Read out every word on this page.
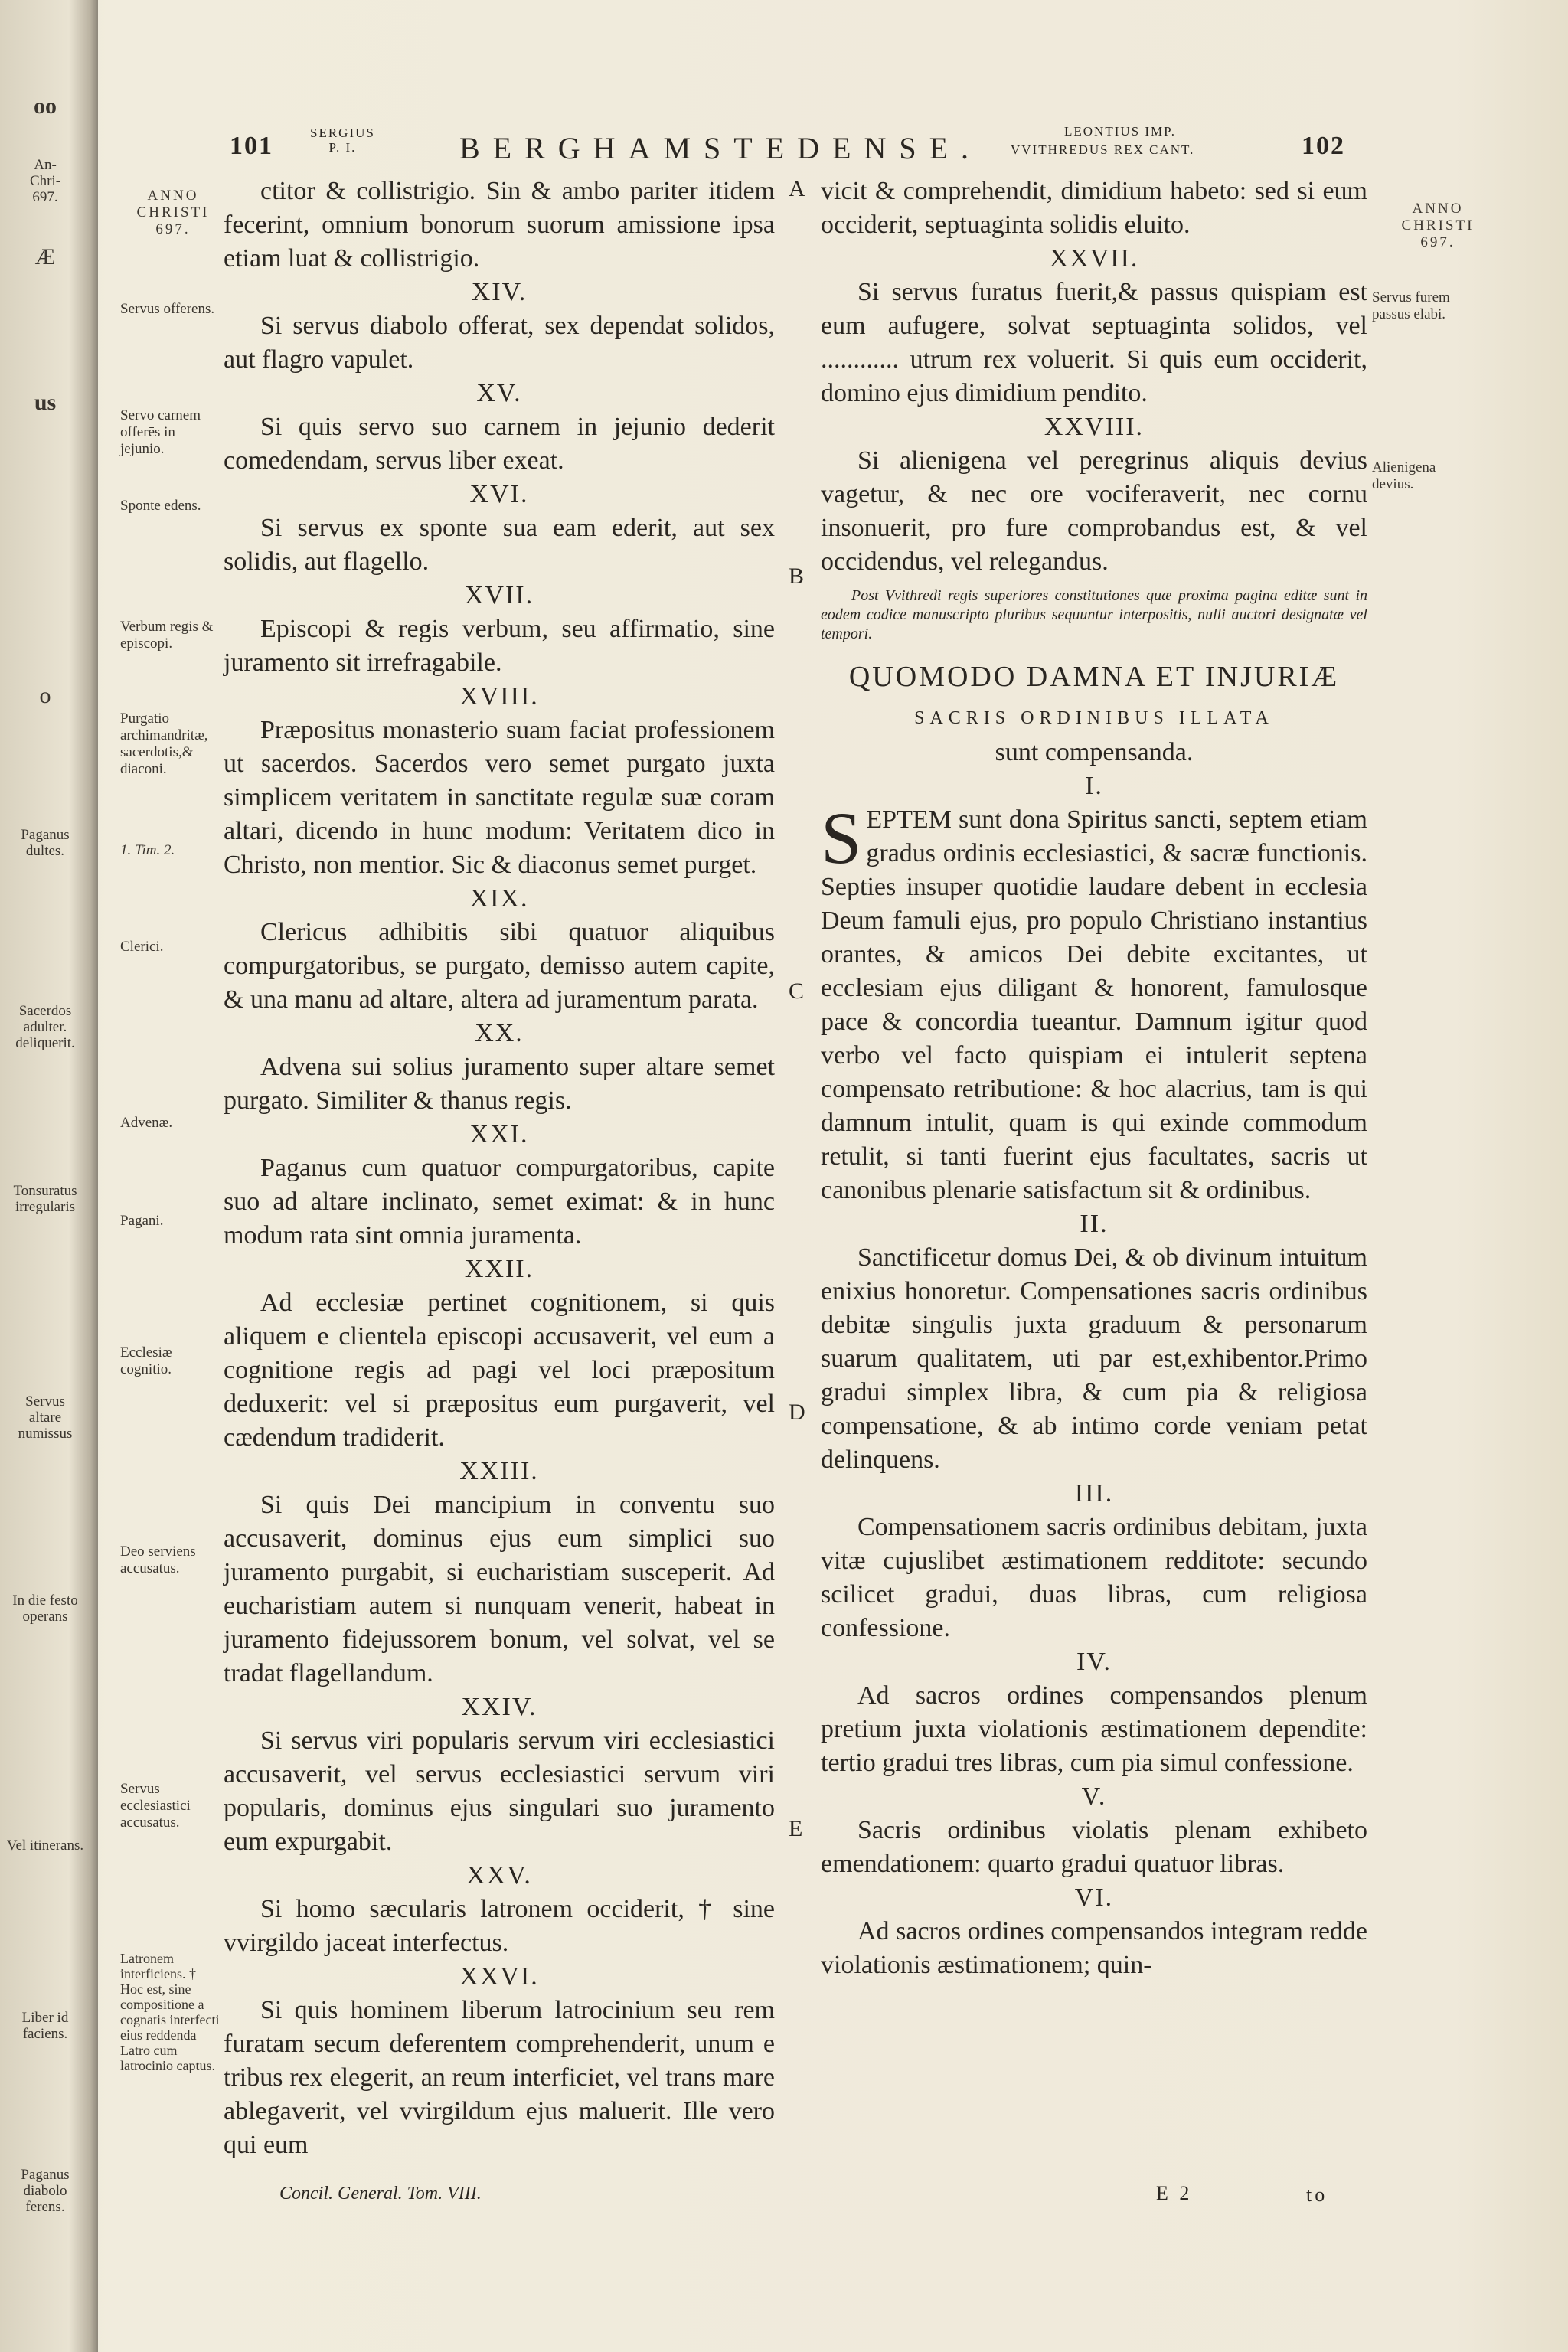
oo
An-
Chri-
697.
Æ
us
o
Paganus
dultes.
Sacerdos
adulter.
deliquerit.
Tonsuratus
irregularis
Servus
altare
numissus
In die festo
operans
Vel itinerans.
Liber id faciens.
Paganus
diabolo
ferens.
101	SERGIUS
P. I.	BERGHAMSTEDENSE.	LEONTIUS IMP.
VVITHREDUS REX CANT.	102
ANNO
CHRISTI
697.
Servus offerens.
Servo carnem offerēs in jejunio.
Sponte edens.
Verbum regis & episcopi.
Purgatio archimandritæ, sacerdotis,& diaconi.
1. Tim. 2.
Clerici.
Advenæ.
Pagani.
Ecclesiæ cognitio.
Deo serviens accusatus.
Servus ecclesiastici accusatus.
Latronem interficiens. † Hoc est, sine compositione a cognatis interfecti eius reddenda Latro cum latrocinio captus.
ANNO
CHRISTI
697.
Servus furem passus elabi.
Alienigena devius.
A
B
C
D
E

ctitor & collistrigio. Sin & ambo pariter itidem fecerint, omnium bonorum suorum amissione ipsa etiam luat & collistrigio.

XIV.

Si servus diabolo offerat, sex dependat solidos, aut flagro vapulet.

XV.

Si quis servo suo carnem in jejunio dederit comedendam, servus liber exeat.

XVI.

Si servus ex sponte sua eam ederit, aut sex solidis, aut flagello.

XVII.

Episcopi & regis verbum, seu affirmatio, sine juramento sit irrefragabile.

XVIII.

Præpositus monasterio suam faciat professionem ut sacerdos. Sacerdos vero semet purgato juxta simplicem veritatem in sanctitate regulæ suæ coram altari, dicendo in hunc modum: Veritatem dico in Christo, non mentior. Sic & diaconus semet purget.

XIX.

Clericus adhibitis sibi quatuor aliquibus compurgatoribus, se purgato, demisso autem capite, & una manu ad altare, altera ad juramentum parata.

XX.

Advena sui solius juramento super altare semet purgato. Similiter & thanus regis.

XXI.

Paganus cum quatuor compurgatoribus, capite suo ad altare inclinato, semet eximat: & in hunc modum rata sint omnia juramenta.

XXII.

Ad ecclesiæ pertinet cognitionem, si quis aliquem e clientela episcopi accusaverit, vel eum a cognitione regis ad pagi vel loci præpositum deduxerit: vel si præpositus eum purgaverit, vel cædendum tradiderit.

XXIII.

Si quis Dei mancipium in conventu suo accusaverit, dominus ejus eum simplici suo juramento purgabit, si eucharistiam susceperit. Ad eucharistiam autem si nunquam venerit, habeat in juramento fidejussorem bonum, vel solvat, vel se tradat flagellandum.

XXIV.

Si servus viri popularis servum viri ecclesiastici accusaverit, vel servus ecclesiastici servum viri popularis, dominus ejus singulari suo juramento eum expurgabit.

XXV.

Si homo sæcularis latronem occiderit, † sine vvirgildo jaceat interfectus.

XXVI.

Si quis hominem liberum latrocinium seu rem furatam secum deferentem comprehenderit, unum e tribus rex elegerit, an reum interficiet, vel trans mare ablegaverit, vel vvirgildum ejus maluerit. Ille vero qui eum

vicit & comprehendit, dimidium habeto: sed si eum occiderit, septuaginta solidis eluito.

XXVII.

Si servus furatus fuerit,& passus quispiam est eum aufugere, solvat septuaginta solidos, vel ............ utrum rex voluerit. Si quis eum occiderit, domino ejus dimidium pendito.

XXVIII.

Si alienigena vel peregrinus aliquis devius vagetur, & nec ore vociferaverit, nec cornu insonuerit, pro fure comprobandus est, & vel occidendus, vel relegandus.

Post Vvithredi regis superiores constitutiones quæ proxima pagina editæ sunt in eodem codice manuscripto pluribus sequuntur interpositis, nulli auctori designatæ vel tempori.

QUOMODO DAMNA ET INJURIÆ

SACRIS ORDINIBUS ILLATA

sunt compensanda.

I.

SEPTEM sunt dona Spiritus sancti, septem etiam gradus ordinis ecclesiastici, & sacræ functionis. Septies insuper quotidie laudare debent in ecclesia Deum famuli ejus, pro populo Christiano instantius orantes, & amicos Dei debite excitantes, ut ecclesiam ejus diligant & honorent, famulosque pace & concordia tueantur. Damnum igitur quod verbo vel facto quispiam ei intulerit septena compensato retributione: & hoc alacrius, tam is qui damnum intulit, quam is qui exinde commodum retulit, si tanti fuerint ejus facultates, sacris ut canonibus plenarie satisfactum sit & ordinibus.

II.

Sanctificetur domus Dei, & ob divinum intuitum enixius honoretur. Compensationes sacris ordinibus debitæ singulis juxta graduum & personarum suarum qualitatem, uti par est,exhibentor.Primo gradui simplex libra, & cum pia & religiosa compensatione, & ab intimo corde veniam petat delinquens.

III.

Compensationem sacris ordinibus debitam, juxta vitæ cujuslibet æstimationem redditote: secundo scilicet gradui, duas libras, cum religiosa confessione.

IV.

Ad sacros ordines compensandos plenum pretium juxta violationis æstimationem dependite: tertio gradui tres libras, cum pia simul confessione.

V.

Sacris ordinibus violatis plenam exhibeto emendationem: quarto gradui quatuor libras.

VI.

Ad sacros ordines compensandos integram redde violationis æstimationem; quin-

Concil. General. Tom. VIII.	E 2	to
